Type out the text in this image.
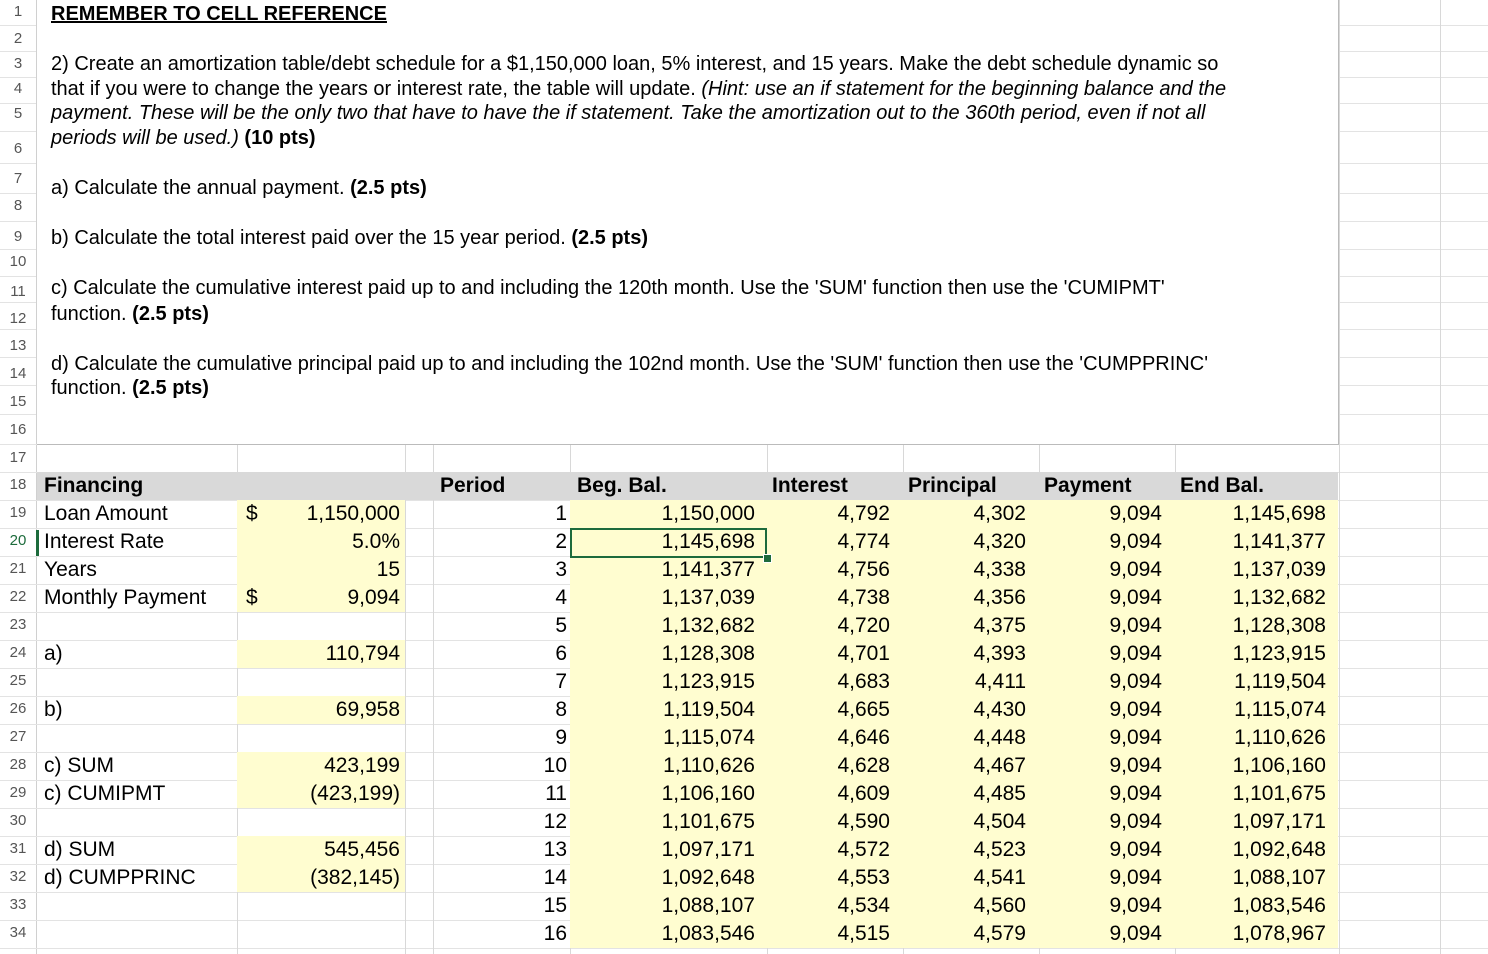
1
2
3
4
5
6
7
8
9
10
11
12
13
14
15
16
17
18
19
20
21
22
23
24
25
26
27
28
29
30
31
32
33
34
REMEMBER TO CELL REFERENCE
2) Create an amortization table/debt schedule for a $1,150,000 loan, 5% interest, and 15 years. Make the debt schedule dynamic so
that if you were to change the years or interest rate, the table will update. (Hint: use an if statement for the beginning balance and the
payment. These will be the only two that have to have the if statement. Take the amortization out to the 360th period, even if not all
periods will be used.) (10 pts)
a) Calculate the annual payment. (2.5 pts)
b) Calculate the total interest paid over the 15 year period. (2.5 pts)
c) Calculate the cumulative interest paid up to and including the 120th month. Use the 'SUM' function then use the 'CUMIPMT'
function. (2.5 pts)
d) Calculate the cumulative principal paid up to and including the 102nd month. Use the 'SUM' function then use the 'CUMPPRINC'
function. (2.5 pts)
Financing	Period	Beg. Bal.	Interest	Principal	Payment	End Bal.
Loan Amount	$	1,150,000
Interest Rate	5.0%
Years	15
Monthly Payment	$	9,094
a)	110,794
b)	69,958
c) SUM	423,199
c) CUMIPMT	(423,199)
d) SUM	545,456
d) CUMPPRINC	(382,145)
1	1,150,000	4,792	4,302	9,094	1,145,698
2	1,145,698	4,774	4,320	9,094	1,141,377
3	1,141,377	4,756	4,338	9,094	1,137,039
4	1,137,039	4,738	4,356	9,094	1,132,682
5	1,132,682	4,720	4,375	9,094	1,128,308
6	1,128,308	4,701	4,393	9,094	1,123,915
7	1,123,915	4,683	4,411	9,094	1,119,504
8	1,119,504	4,665	4,430	9,094	1,115,074
9	1,115,074	4,646	4,448	9,094	1,110,626
10	1,110,626	4,628	4,467	9,094	1,106,160
11	1,106,160	4,609	4,485	9,094	1,101,675
12	1,101,675	4,590	4,504	9,094	1,097,171
13	1,097,171	4,572	4,523	9,094	1,092,648
14	1,092,648	4,553	4,541	9,094	1,088,107
15	1,088,107	4,534	4,560	9,094	1,083,546
16	1,083,546	4,515	4,579	9,094	1,078,967
